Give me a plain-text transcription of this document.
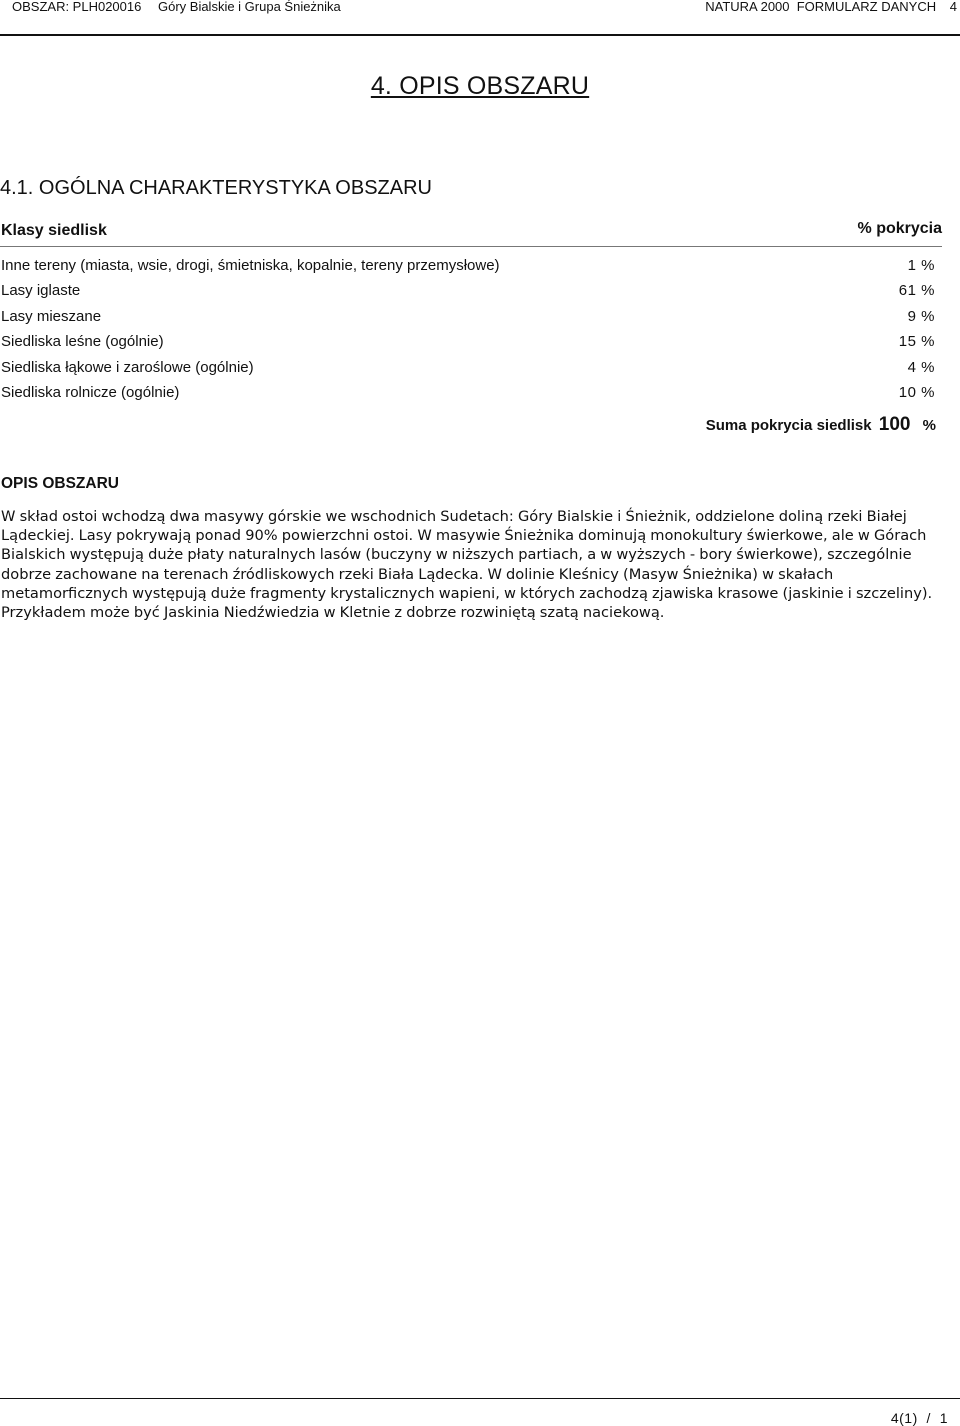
OBSZAR: PLH020016 Góry Bialskie i Grupa Śnieżnika	NATURA 2000  FORMULARZ DANYCH 4
4. OPIS OBSZARU
4.1. OGÓLNA CHARAKTERYSTYKA OBSZARU
Klasy siedlisk	% pokrycia
Inne tereny (miasta, wsie, drogi, śmietniska, kopalnie, tereny przemysłowe)	1 %
Lasy iglaste	61 %
Lasy mieszane	9 %
Siedliska leśne (ogólnie)	15 %
Siedliska łąkowe i zaroślowe (ogólnie)	4 %
Siedliska rolnicze (ogólnie)	10 %
Suma pokrycia siedlisk 100 %
OPIS OBSZARU
W skład ostoi wchodzą dwa masywy górskie we wschodnich Sudetach: Góry Bialskie i Śnieżnik, oddzielone doliną rzeki Białej Lądeckiej. Lasy pokrywają ponad 90% powierzchni ostoi. W masywie Śnieżnika dominują monokultury świerkowe, ale w Górach Bialskich występują duże płaty naturalnych lasów (buczyny w niższych partiach, a w wyższych - bory świerkowe), szczególnie dobrze zachowane na terenach źródliskowych rzeki Biała Lądecka. W dolinie Kleśnicy (Masyw Śnieżnika) w skałach metamorficznych występują duże fragmenty krystalicznych wapieni, w których zachodzą zjawiska krasowe (jaskinie i szczeliny). Przykładem może być Jaskinia Niedźwiedzia w Kletnie z dobrze rozwiniętą szatą naciekową.
4(1)  /  1
